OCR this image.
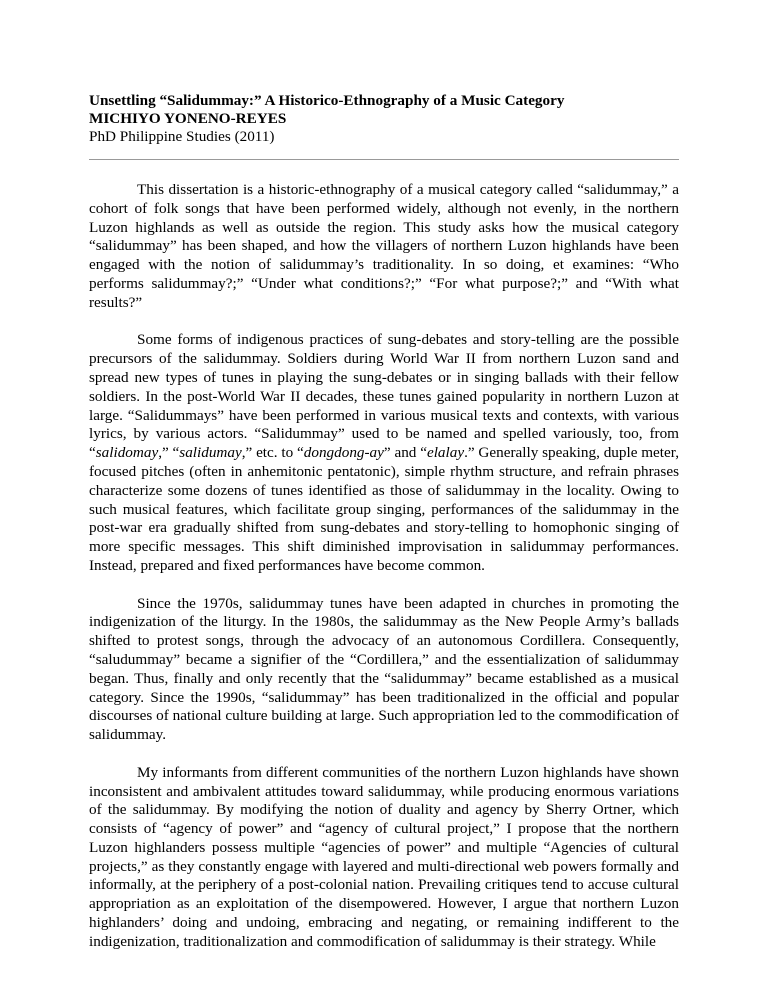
Unsettling “Salidummay:” A Historico-Ethnography of a Music Category
MICHIYO YONENO-REYES
PhD Philippine Studies (2011)

This dissertation is a historic-ethnography of a musical category called “salidummay,” a cohort of folk songs that have been performed widely, although not evenly, in the northern Luzon highlands as well as outside the region. This study asks how the musical category “salidummay” has been shaped, and how the villagers of northern Luzon highlands have been engaged with the notion of salidummay’s traditionality. In so doing, et examines: “Who performs salidummay?;” “Under what conditions?;” “For what purpose?;” and “With what results?”

Some forms of indigenous practices of sung-debates and story-telling are the possible precursors of the salidummay. Soldiers during World War II from northern Luzon sand and spread new types of tunes in playing the sung-debates or in singing ballads with their fellow soldiers. In the post-World War II decades, these tunes gained popularity in northern Luzon at large. “Salidummays” have been performed in various musical texts and contexts, with various lyrics, by various actors. “Salidummay” used to be named and spelled variously, too, from “salidomay,” “salidumay,” etc. to “dongdong-ay” and “elalay.” Generally speaking, duple meter, focused pitches (often in anhemitonic pentatonic), simple rhythm structure, and refrain phrases characterize some dozens of tunes identified as those of salidummay in the locality. Owing to such musical features, which facilitate group singing, performances of the salidummay in the post-war era gradually shifted from sung-debates and story-telling to homophonic singing of more specific messages. This shift diminished improvisation in salidummay performances. Instead, prepared and fixed performances have become common.

Since the 1970s, salidummay tunes have been adapted in churches in promoting the indigenization of the liturgy. In the 1980s, the salidummay as the New People Army’s ballads shifted to protest songs, through the advocacy of an autonomous Cordillera. Consequently, “saludummay” became a signifier of the “Cordillera,” and the essentialization of salidummay began. Thus, finally and only recently that the “salidummay” became established as a musical category. Since the 1990s, “salidummay” has been traditionalized in the official and popular discourses of national culture building at large. Such appropriation led to the commodification of salidummay.

My informants from different communities of the northern Luzon highlands have shown inconsistent and ambivalent attitudes toward salidummay, while producing enormous variations of the salidummay. By modifying the notion of duality and agency by Sherry Ortner, which consists of “agency of power” and “agency of cultural project,” I propose that the northern Luzon highlanders possess multiple “agencies of power” and multiple “Agencies of cultural projects,” as they constantly engage with layered and multi-directional web powers formally and informally, at the periphery of a post-colonial nation. Prevailing critiques tend to accuse cultural appropriation as an exploitation of the disempowered. However, I argue that northern Luzon highlanders’ doing and undoing, embracing and negating, or remaining indifferent to the indigenization, traditionalization and commodification of salidummay is their strategy. While
